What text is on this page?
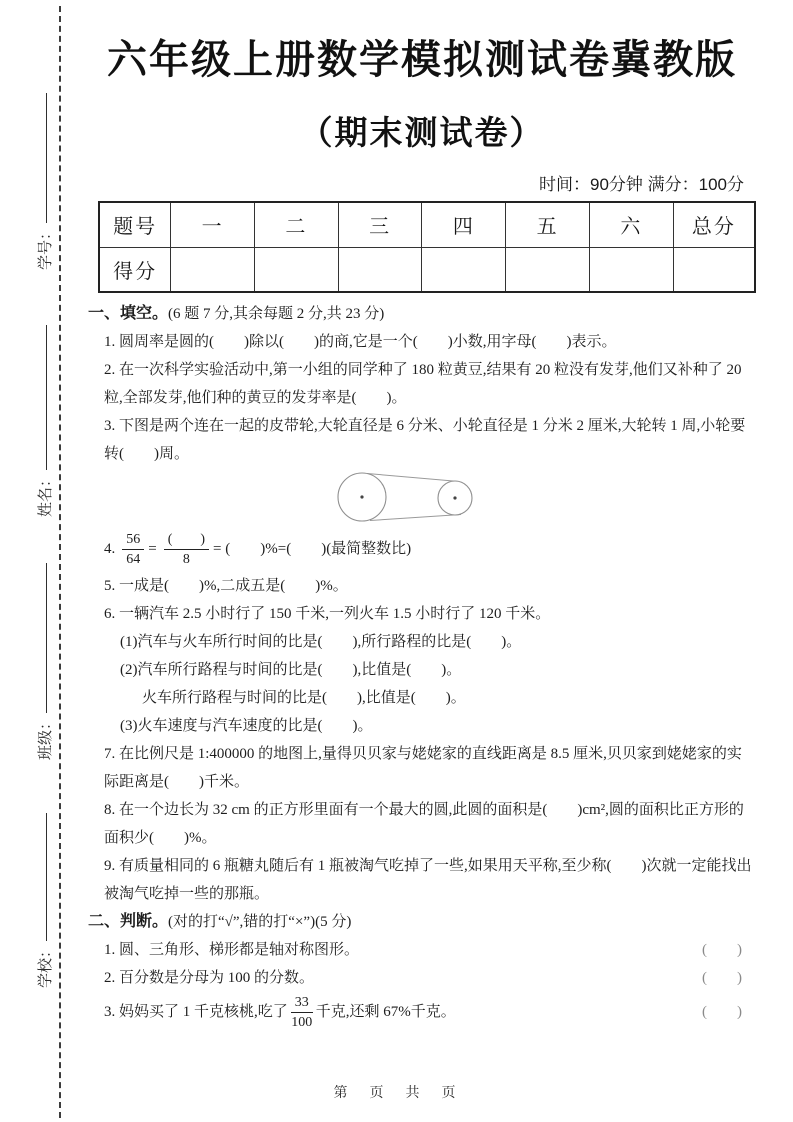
学号：
姓名：
班级：
学校：
六年级上册数学模拟测试卷冀教版
（期末测试卷）
时间：90分钟 满分：100分
题号	一	二	三	四	五	六	总分
得分							
一、填空。(6 题 7 分,其余每题 2 分,共 23 分)
1. 圆周率是圆的(　　)除以(　　)的商,它是一个(　　)小数,用字母(　　)表示。
2. 在一次科学实验活动中,第一小组的同学种了 180 粒黄豆,结果有 20 粒没有发芽,他们又补种了 20 粒,全部发芽,他们种的黄豆的发芽率是(　　)。
3. 下图是两个连在一起的皮带轮,大轮直径是 6 分米、小轮直径是 1 分米 2 厘米,大轮转 1 周,小轮要转(　　)周。
4. $\frac{56}{64} = \frac{( )}{8}$ = (　　)%=(　　)(最简整数比)
5. 一成是(　　)%,二成五是(　　)%。
6. 一辆汽车 2.5 小时行了 150 千米,一列火车 1.5 小时行了 120 千米。
(1)汽车与火车所行时间的比是(　　),所行路程的比是(　　)。
(2)汽车所行路程与时间的比是(　　),比值是(　　)。
火车所行路程与时间的比是(　　),比值是(　　)。
(3)火车速度与汽车速度的比是(　　)。
7. 在比例尺是 1:400000 的地图上,量得贝贝家与姥姥家的直线距离是 8.5 厘米,贝贝家到姥姥家的实际距离是(　　)千米。
8. 在一个边长为 32 cm 的正方形里面有一个最大的圆,此圆的面积是(　　)cm²,圆的面积比正方形的面积少(　　)%。
9. 有质量相同的 6 瓶糖丸随后有 1 瓶被淘气吃掉了一些,如果用天平称,至少称(　　)次就一定能找出被淘气吃掉一些的那瓶。
二、判断。(对的打“√”,错的打“×”)(5 分)
1. 圆、三角形、梯形都是轴对称图形。	(　　)
2. 百分数是分母为 100 的分数。	(　　)
3. 妈妈买了 1 千克核桃,吃了 $\frac{33}{100}$ 千克,还剩 67%千克。	(　　)
第　页　共　页
